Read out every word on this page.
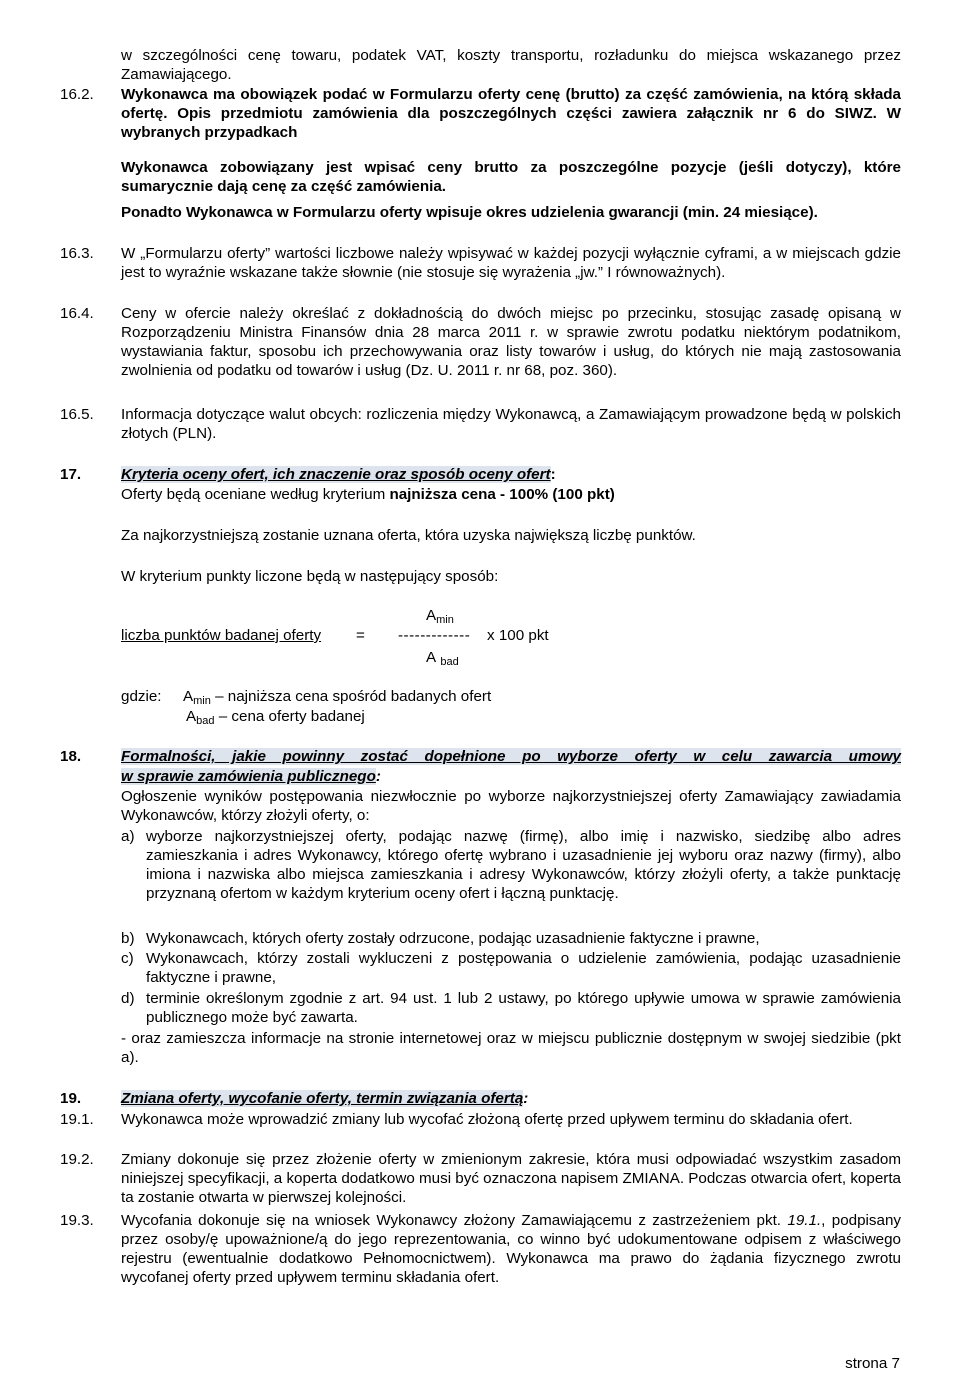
w szczególności cenę towaru, podatek VAT, koszty transportu, rozładunku do miejsca wskazanego przez Zamawiającego.
16.2. Wykonawca ma obowiązek podać w Formularzu oferty cenę (brutto) za część zamówienia, na którą składa ofertę. Opis przedmiotu zamówienia dla poszczególnych części zawiera załącznik nr 6 do SIWZ. W wybranych przypadkach
Wykonawca zobowiązany jest wpisać ceny brutto za poszczególne pozycje (jeśli dotyczy), które sumarycznie dają cenę za część zamówienia.
Ponadto Wykonawca w Formularzu oferty wpisuje okres udzielenia gwarancji (min. 24 miesiące).
16.3. W „Formularzu oferty” wartości liczbowe należy wpisywać w każdej pozycji wyłącznie cyframi, a w miejscach gdzie jest to wyraźnie wskazane także słownie (nie stosuje się wyrażenia „jw.” I równoważnych).
16.4. Ceny w ofercie należy określać z dokładnością do dwóch miejsc po przecinku, stosując zasadę opisaną w Rozporządzeniu Ministra Finansów dnia 28 marca 2011 r. w sprawie zwrotu podatku niektórym podatnikom, wystawiania faktur, sposobu ich przechowywania oraz listy towarów i usług, do których nie mają zastosowania zwolnienia od podatku od towarów i usług (Dz. U. 2011 r. nr 68, poz. 360).
16.5. Informacja dotyczące walut obcych: rozliczenia między Wykonawcą, a Zamawiającym prowadzone będą w polskich złotych (PLN).
17.	Kryteria oceny ofert, ich znaczenie oraz sposób oceny ofert:
Oferty będą oceniane według kryterium najniższa cena - 100% (100 pkt)
Za najkorzystniejszą zostanie uznana oferta, która uzyska największą liczbę punktów.
W kryterium punkty liczone będą w następujący sposób:
Amin
liczba punktów badanej oferty = ------------- x 100 pkt
A bad
gdzie: Amin – najniższa cena spośród badanych ofert
Abad – cena oferty badanej
18.	Formalności, jakie powinny zostać dopełnione po wyborze oferty w celu zawarcia umowy
w sprawie zamówienia publicznego:
Ogłoszenie wyników postępowania niezwłocznie po wyborze najkorzystniejszej oferty Zamawiający zawiadamia Wykonawców, którzy złożyli oferty, o:
a) wyborze najkorzystniejszej oferty, podając nazwę (firmę), albo imię i nazwisko, siedzibę albo adres zamieszkania i adres Wykonawcy, którego ofertę wybrano i uzasadnienie jej wyboru oraz nazwy (firmy), albo imiona i nazwiska albo miejsca zamieszkania i adresy Wykonawców, którzy złożyli oferty, a także punktację przyznaną ofertom w każdym kryterium oceny ofert i łączną punktację.
b) Wykonawcach, których oferty zostały odrzucone, podając uzasadnienie faktyczne i prawne,
c) Wykonawcach, którzy zostali wykluczeni z postępowania o udzielenie zamówienia, podając uzasadnienie faktyczne i prawne,
d) terminie określonym zgodnie z art. 94 ust. 1 lub 2 ustawy, po którego upływie umowa w sprawie zamówienia publicznego może być zawarta.
- oraz zamieszcza informacje na stronie internetowej oraz w miejscu publicznie dostępnym w swojej siedzibie (pkt a).
19.	Zmiana oferty, wycofanie oferty, termin związania ofertą:
19.1. Wykonawca może wprowadzić zmiany lub wycofać złożoną ofertę przed upływem terminu do składania ofert.
19.2. Zmiany dokonuje się przez złożenie oferty w zmienionym zakresie, która musi odpowiadać wszystkim zasadom niniejszej specyfikacji, a koperta dodatkowo musi być oznaczona napisem ZMIANA. Podczas otwarcia ofert, koperta ta zostanie otwarta w pierwszej kolejności.
19.3. Wycofania dokonuje się na wniosek Wykonawcy złożony Zamawiającemu z zastrzeżeniem pkt. 19.1., podpisany przez osoby/ę upoważnione/ą do jego reprezentowania, co winno być udokumentowane odpisem z właściwego rejestru (ewentualnie dodatkowo Pełnomocnictwem). Wykonawca ma prawo do żądania fizycznego zwrotu wycofanej oferty przed upływem terminu składania ofert.
strona 7
